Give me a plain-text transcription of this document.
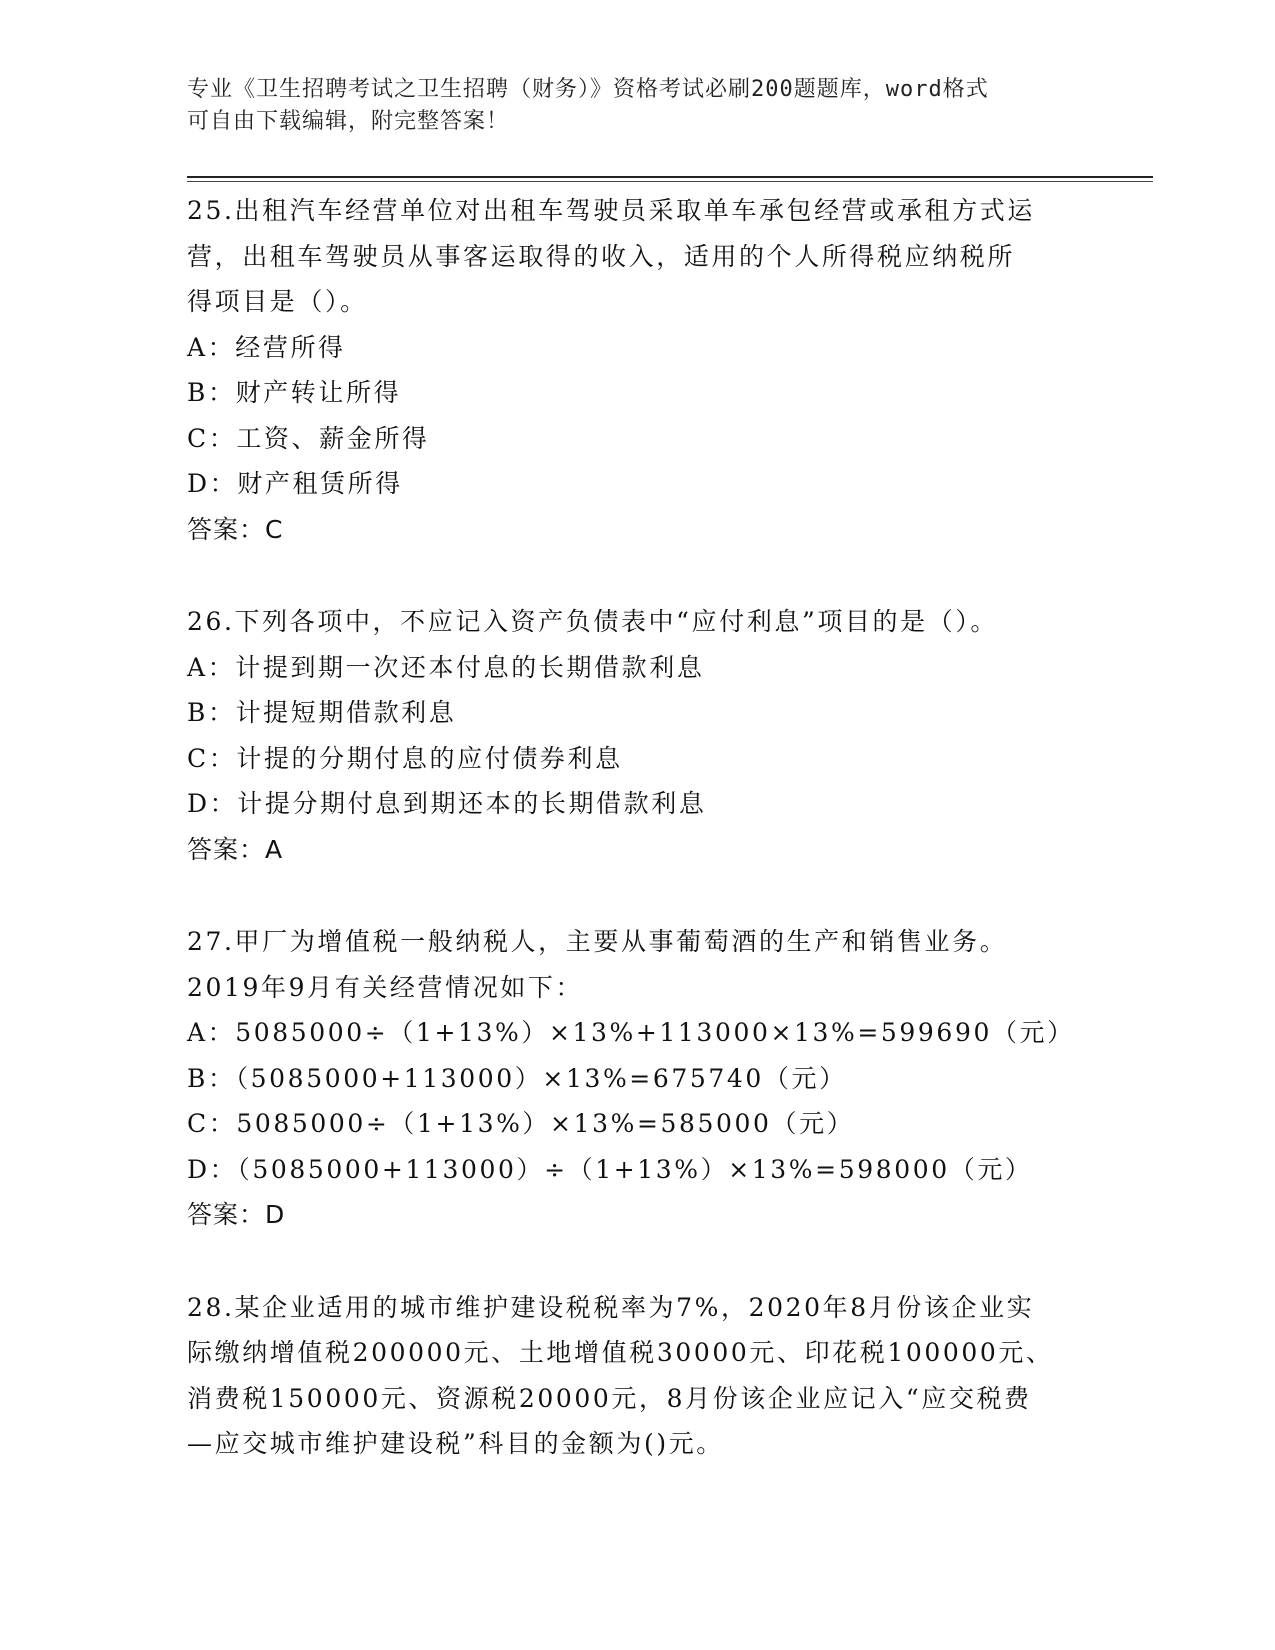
专业《卫生招聘考试之卫生招聘（财务）》资格考试必刷200题题库，word格式
可自由下载编辑，附完整答案！
25.出租汽车经营单位对出租车驾驶员采取单车承包经营或承租方式运
营，出租车驾驶员从事客运取得的收入，适用的个人所得税应纳税所
得项目是（）。
A：经营所得
B：财产转让所得
C：工资、薪金所得
D：财产租赁所得
答案：C
26.下列各项中，不应记入资产负债表中“应付利息”项目的是（）。
A：计提到期一次还本付息的长期借款利息
B：计提短期借款利息
C：计提的分期付息的应付债券利息
D：计提分期付息到期还本的长期借款利息
答案：A
27.甲厂为增值税一般纳税人，主要从事葡萄酒的生产和销售业务。
2019年9月有关经营情况如下：
A：5085000÷（1+13%）×13%+113000×13%=599690（元）
B：（5085000+113000）×13%=675740（元）
C：5085000÷（1+13%）×13%=585000（元）
D：（5085000+113000）÷（1+13%）×13%=598000（元）
答案：D
28.某企业适用的城市维护建设税税率为7%，2020年8月份该企业实
际缴纳增值税200000元、土地增值税30000元、印花税100000元、
消费税150000元、资源税20000元，8月份该企业应记入“应交税费
—应交城市维护建设税”科目的金额为()元。
